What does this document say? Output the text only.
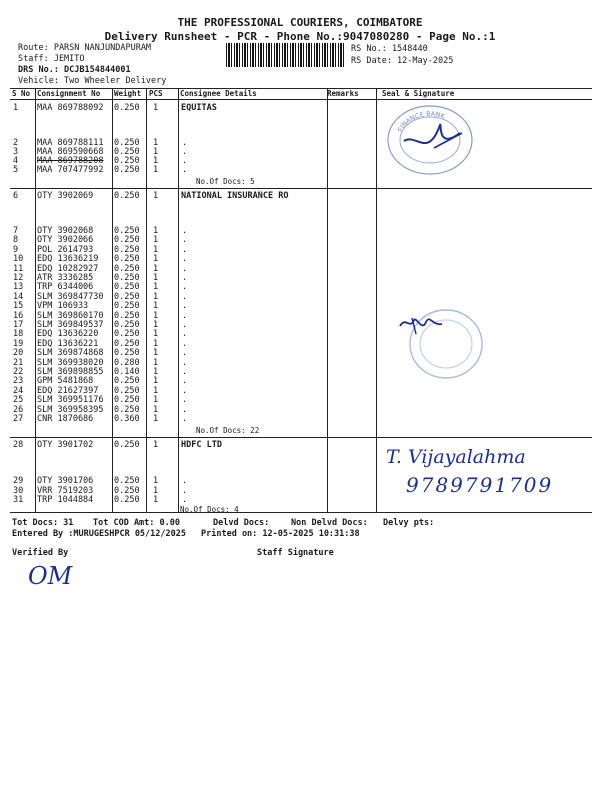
THE PROFESSIONAL COURIERS, COIMBATORE
Delivery Runsheet - PCR - Phone No.:9047080280 - Page No.:1
Route: PARSN NANJUNDAPURAM
Staff: JEMITO
DRS No.: DCJB154844001
Vehicle: Two Wheeler Delivery
RS No.: 1548440
RS Date: 12-May-2025
S No Consignment No Weight PCS Consignee Details	Remarks	Seal & Signature
1 MAA 869788092 0.250 1	EQUITAS
2 MAA 869788111 0.250 1	.
3 MAA 869590668 0.250 1	.
4 MAA 869788208 0.250 1	.
5 MAA 707477992 0.250 1	.
No.Of Docs: 5
6 OTY 3902069 0.250 1	NATIONAL INSURANCE RO
7 OTY 3902068 0.250 1	.
8 OTY 3902066 0.250 1	.
9 POL 2614793 0.250 1	.
10 EDQ 13636219 0.250 1	.
11 EDQ 10282927 0.250 1	.
12 ATR 3336285 0.250 1	.
13 TRP 6344006 0.250 1	.
14 SLM 369847730 0.250 1	.
15 VPM 106933	0.250 1	.
16 SLM 369860170 0.250 1	.
17 SLM 369849537 0.250 1	.
18 EDQ 13636220 0.250 1	.
19 EDQ 13636221 0.250 1	.
20 SLM 369874868 0.250 1	.
21 SLM 369938020 0.280 1	.
22 SLM 369898855 0.140 1	.
23 GPM 5481868 0.250 1	.
24 EDQ 21627397 0.250 1	.
25 SLM 369951176 0.250 1	.
26 SLM 369958395 0.250 1	.
27 CNR 1870686 0.360 1	.
No.Of Docs: 22
28 OTY 3901702 0.250 1	HDFC LTD
29 OTY 3901706 0.250 1	.
30 VRR 7519203 0.250 1	.
31 TRP 1044884 0.250 1	.
No.Of Docs: 4
FINANCE BANK
T. Vijayalahma
9789791709
Tot Docs: 31 Tot COD Amt: 0.00	Delvd Docs:	Non Delvd Docs: Delvy pts:
Entered By :MURUGESHPCR 05/12/2025 Printed on: 12-05-2025 10:31:38
Verified By	Staff Signature
OM
